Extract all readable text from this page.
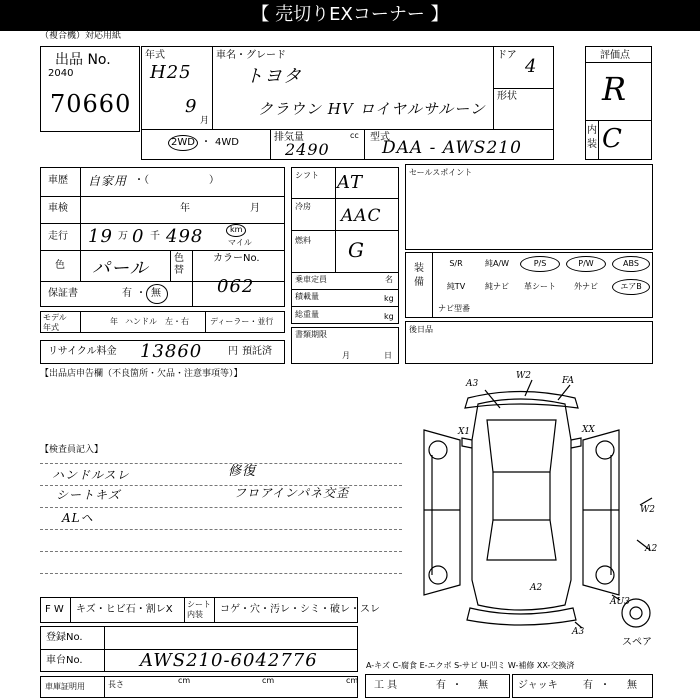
【 売切りEXコーナー 】
（複合機）対応用紙
出品 No.
2040
70660
年式
H25
9
月
車名・グレード
トヨタ
クラウン HV ロイヤルサルーン
ドア
4
形状
2WD ・ 4WD	排気量
2490
cc 型式
DAA - AWS210
評価点
R
内装 C
車歴 自家用 ・（　　　　　　）
車検	年	月
走行 19 万 0 千 498	km
マイル
色 パール	色替
カラーNo.
062
保証書	有 ・ 無
モデル年式
年 ハンドル 左・右	ディーラー・並行
リサイクル料金 13860	円 預託済
シフト AT
冷房 AAC
燃料 G
乗車定員	名
積載量	kg
総重量	kg
書類期限
月	日
セールスポイント
装備
S/R	純A/W	P/S	P/W	ABS
純TV	純ナビ	革シート	外ナビ	エアB
ナビ型番
後日品
【出品店申告欄（不良箇所・欠品・注意事項等）】
【検査員記入】
ハンドルスレ
シートキズ
ALヘ
修復
フロアインパネ交歪
A3
W2	FA
X1	XX
W2
A2
A2
AU3
A3
スペア
F W キズ・ヒビ石・割レX シート内装	コゲ・穴・汚レ・シミ・破レ・スレ
登録No.
車台No.	AWS210-6042776
車庫証明用	長さ	cm	cm	cm
A-キズ C-腐食 E-エクボ S-サビ U-凹ミ W-補修 XX-交換済
工 具	有 ・ 無	ジャッキ	有 ・ 無
